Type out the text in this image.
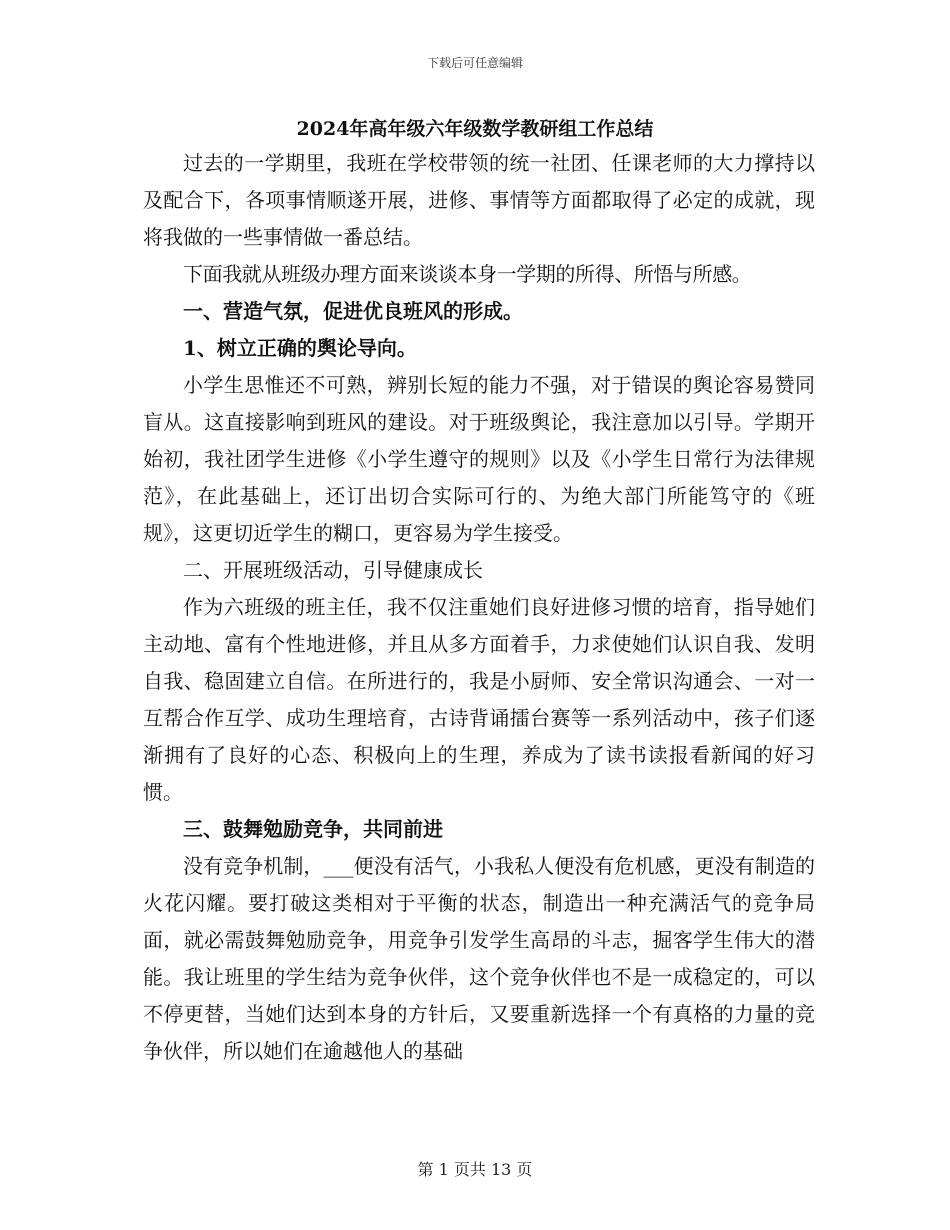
下载后可任意编辑
2024年高年级六年级数学教研组工作总结

过去的一学期里，我班在学校带领的统一社团、任课老师的大力撑持以及配合下，各项事情顺遂开展，进修、事情等方面都取得了必定的成就，现将我做的一些事情做一番总结。

下面我就从班级办理方面来谈谈本身一学期的所得、所悟与所感。

一、营造气氛，促进优良班风的形成。

1、树立正确的舆论导向。

小学生思惟还不可熟，辨别长短的能力不强，对于错误的舆论容易赞同盲从。这直接影响到班风的建设。对于班级舆论，我注意加以引导。学期开始初，我社团学生进修《小学生遵守的规则》以及《小学生日常行为法律规范》，在此基础上，还订出切合实际可行的、为绝大部门所能笃守的《班规》，这更切近学生的糊口，更容易为学生接受。

二、开展班级活动，引导健康成长

作为六班级的班主任，我不仅注重她们良好进修习惯的培育，指导她们主动地、富有个性地进修，并且从多方面着手，力求使她们认识自我、发明自我、稳固建立自信。在所进行的，我是小厨师、安全常识沟通会、一对一互帮合作互学、成功生理培育，古诗背诵擂台赛等一系列活动中，孩子们逐渐拥有了良好的心态、积极向上的生理，养成为了读书读报看新闻的好习惯。

三、鼓舞勉励竞争，共同前进

没有竞争机制，___便没有活气，小我私人便没有危机感，更没有制造的火花闪耀。要打破这类相对于平衡的状态，制造出一种充满活气的竞争局面，就必需鼓舞勉励竞争，用竞争引发学生高昂的斗志，掘客学生伟大的潜能。我让班里的学生结为竞争伙伴，这个竞争伙伴也不是一成稳定的，可以不停更替，当她们达到本身的方针后，又要重新选择一个有真格的力量的竞争伙伴，所以她们在逾越他人的基础

第 1 页共 13 页
